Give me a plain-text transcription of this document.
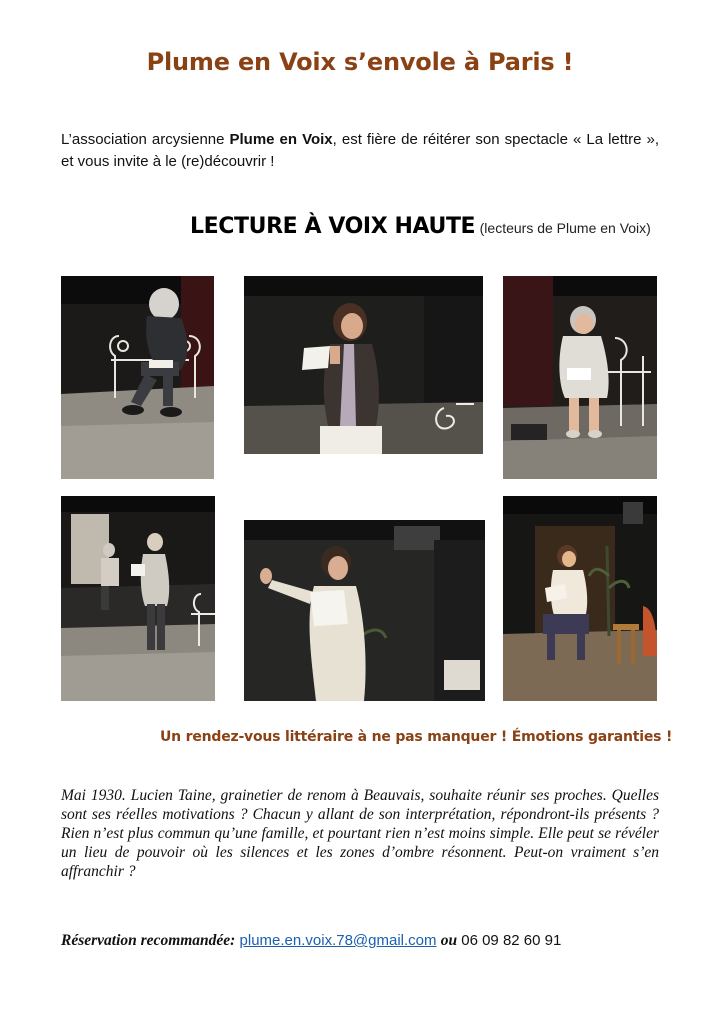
Plume en Voix s’envole à Paris !
L’association arcysienne Plume en Voix, est fière de réitérer son spectacle « La lettre », et vous invite à le (re)découvrir !
LECTURE À VOIX HAUTE (lecteurs de Plume en Voix)
Un rendez-vous littéraire à ne pas manquer ! Émotions garanties !
Mai 1930. Lucien Taine, grainetier de renom à Beauvais, souhaite réunir ses proches. Quelles sont ses réelles motivations ? Chacun y allant de son interprétation, répondront-ils présents ? Rien n’est plus commun qu’une famille, et pourtant rien n’est moins simple. Elle peut se révéler un lieu de pouvoir où les silences et les zones d’ombre résonnent. Peut-on vraiment s’en affranchir ?
Réservation recommandée: plume.en.voix.78@gmail.com ou 06 09 82 60 91
